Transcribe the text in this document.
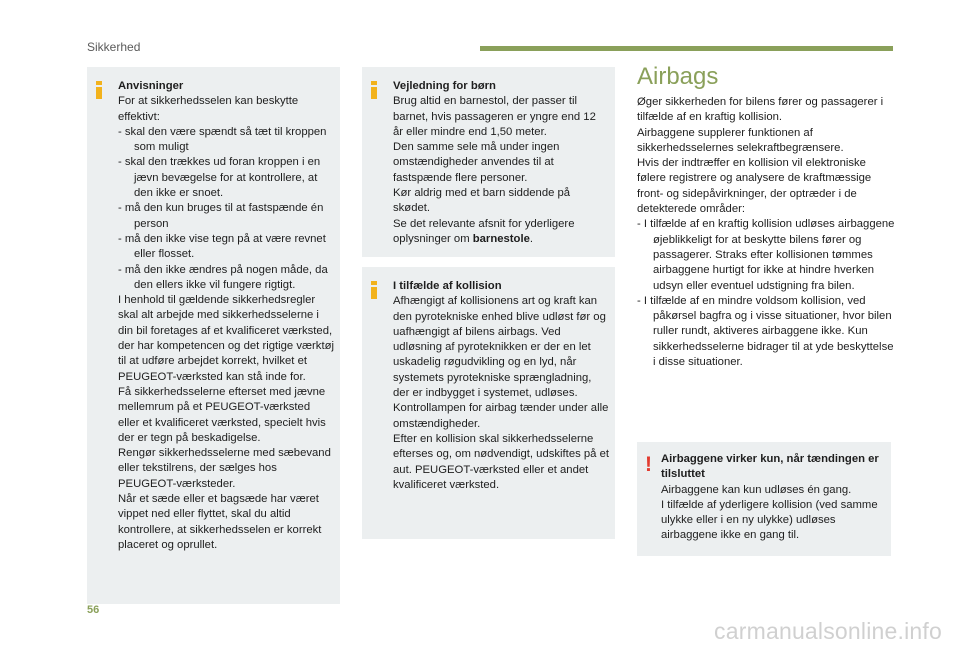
Sikkerhed

Anvisninger

For at sikkerhedsselen kan beskytte

effektivt:

- skal den være spændt så tæt til kroppen som muligt

- skal den trækkes ud foran kroppen i en jævn bevægelse for at kontrollere, at den ikke er snoet.

- må den kun bruges til at fastspænde én person

- må den ikke vise tegn på at være revnet eller flosset.

- må den ikke ændres på nogen måde, da den ellers ikke vil fungere rigtigt.

I henhold til gældende sikkerhedsregler skal alt arbejde med sikkerhedsselerne i din bil foretages af et kvalificeret værksted, der har kompetencen og det rigtige værktøj til at udføre arbejdet korrekt, hvilket et PEUGEOT-værksted kan stå inde for.

Få sikkerhedsselerne efterset med jævne mellemrum på et PEUGEOT-værksted eller et kvalificeret værksted, specielt hvis der er tegn på beskadigelse.

Rengør sikkerhedsselerne med sæbevand eller tekstilrens, der sælges hos PEUGEOT-værksteder.

Når et sæde eller et bagsæde har været vippet ned eller flyttet, skal du altid kontrollere, at sikkerhedsselen er korrekt placeret og oprullet.

Vejledning for børn

Brug altid en barnestol, der passer til barnet, hvis passageren er yngre end 12 år eller mindre end 1,50 meter.

Den samme sele må under ingen omstændigheder anvendes til at fastspænde flere personer.

Kør aldrig med et barn siddende på skødet.

Se det relevante afsnit for yderligere oplysninger om barnestole.

I tilfælde af kollision

Afhængigt af kollisionens art og kraft kan den pyrotekniske enhed blive udløst før og uafhængigt af bilens airbags. Ved udløsning af pyroteknikken er der en let uskadelig røgudvikling og en lyd, når systemets pyrotekniske sprængladning, der er indbygget i systemet, udløses.

Kontrollampen for airbag tænder under alle omstændigheder.

Efter en kollision skal sikkerhedsselerne efterses og, om nødvendigt, udskiftes på et aut. PEUGEOT-værksted eller et andet kvalificeret værksted.

Airbags

Øger sikkerheden for bilens fører og passagerer i tilfælde af en kraftig kollision.

Airbaggene supplerer funktionen af sikkerhedsselernes selekraftbegrænsere.

Hvis der indtræffer en kollision vil elektroniske følere registrere og analysere de kraftmæssige front- og sidepåvirkninger, der optræder i de detekterede områder:

- I tilfælde af en kraftig kollision udløses airbaggene øjeblikkeligt for at beskytte bilens fører og passagerer. Straks efter kollisionen tømmes airbaggene hurtigt for ikke at hindre hverken udsyn eller eventuel udstigning fra bilen.

- I tilfælde af en mindre voldsom kollision, ved påkørsel bagfra og i visse situationer, hvor bilen ruller rundt, aktiveres airbaggene ikke. Kun sikkerhedsselerne bidrager til at yde beskyttelse i disse situationer.

! Airbaggene virker kun, når tændingen er tilsluttet

Airbaggene kan kun udløses én gang.

I tilfælde af yderligere kollision (ved samme ulykke eller i en ny ulykke) udløses airbaggene ikke en gang til.

56
carmanualsonline.info
